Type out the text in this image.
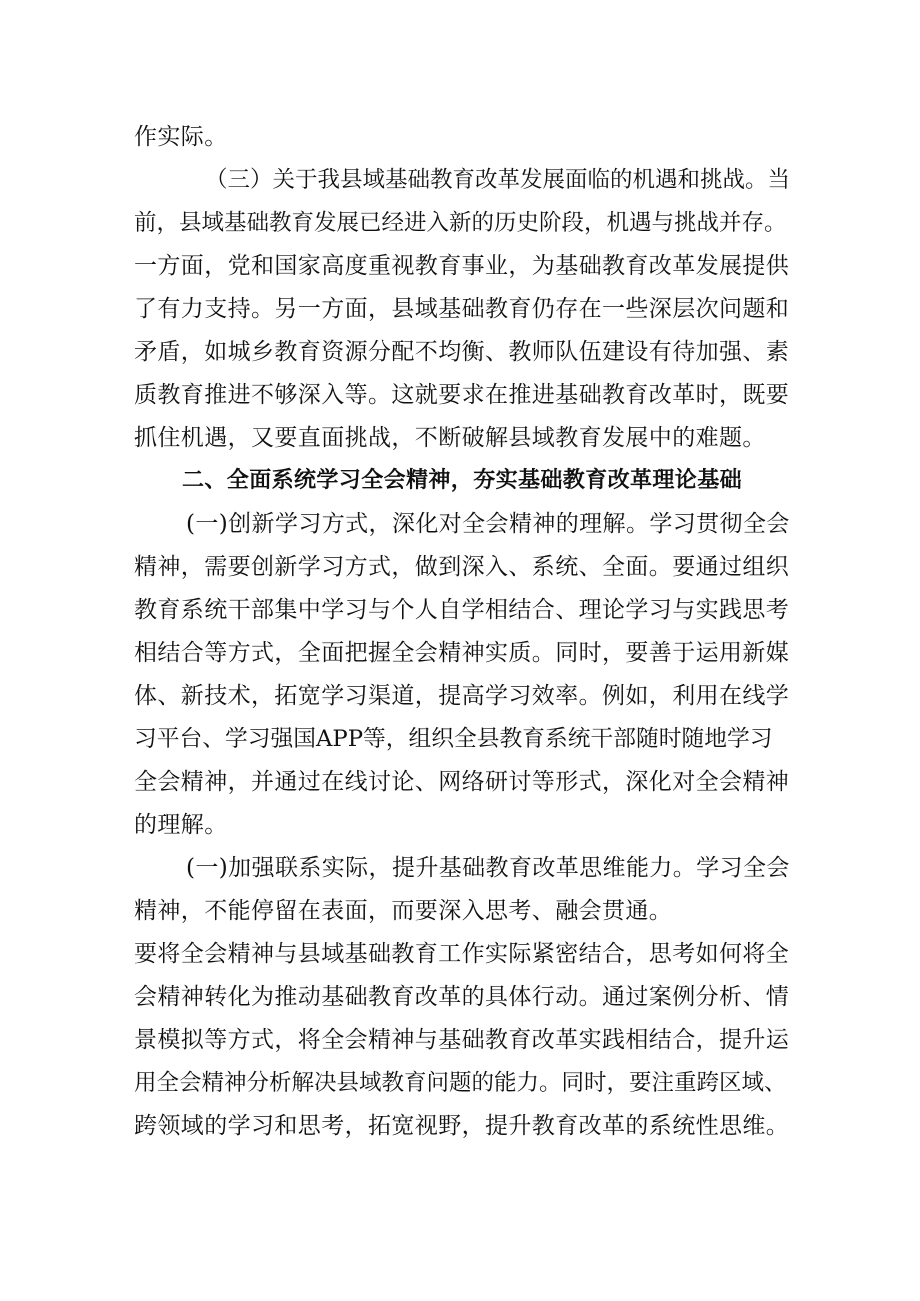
作实际。
（三）关于我县域基础教育改革发展面临的机遇和挑战。当
前，县域基础教育发展已经进入新的历史阶段，机遇与挑战并存。
一方面，党和国家高度重视教育事业，为基础教育改革发展提供
了有力支持。另一方面，县域基础教育仍存在一些深层次问题和
矛盾，如城乡教育资源分配不均衡、教师队伍建设有待加强、素
质教育推进不够深入等。这就要求在推进基础教育改革时，既要
抓住机遇，又要直面挑战，不断破解县域教育发展中的难题。
二、全面系统学习全会精神，夯实基础教育改革理论基础
(一)创新学习方式，深化对全会精神的理解。学习贯彻全会
精神，需要创新学习方式，做到深入、系统、全面。要通过组织
教育系统干部集中学习与个人自学相结合、理论学习与实践思考
相结合等方式，全面把握全会精神实质。同时，要善于运用新媒
体、新技术，拓宽学习渠道，提高学习效率。例如，利用在线学
习平台、学习强国APP等，组织全县教育系统干部随时随地学习
全会精神，并通过在线讨论、网络研讨等形式，深化对全会精神
的理解。
(一)加强联系实际，提升基础教育改革思维能力。学习全会
精神，不能停留在表面，而要深入思考、融会贯通。
要将全会精神与县域基础教育工作实际紧密结合，思考如何将全
会精神转化为推动基础教育改革的具体行动。通过案例分析、情
景模拟等方式，将全会精神与基础教育改革实践相结合，提升运
用全会精神分析解决县域教育问题的能力。同时，要注重跨区域、
跨领域的学习和思考，拓宽视野，提升教育改革的系统性思维。
